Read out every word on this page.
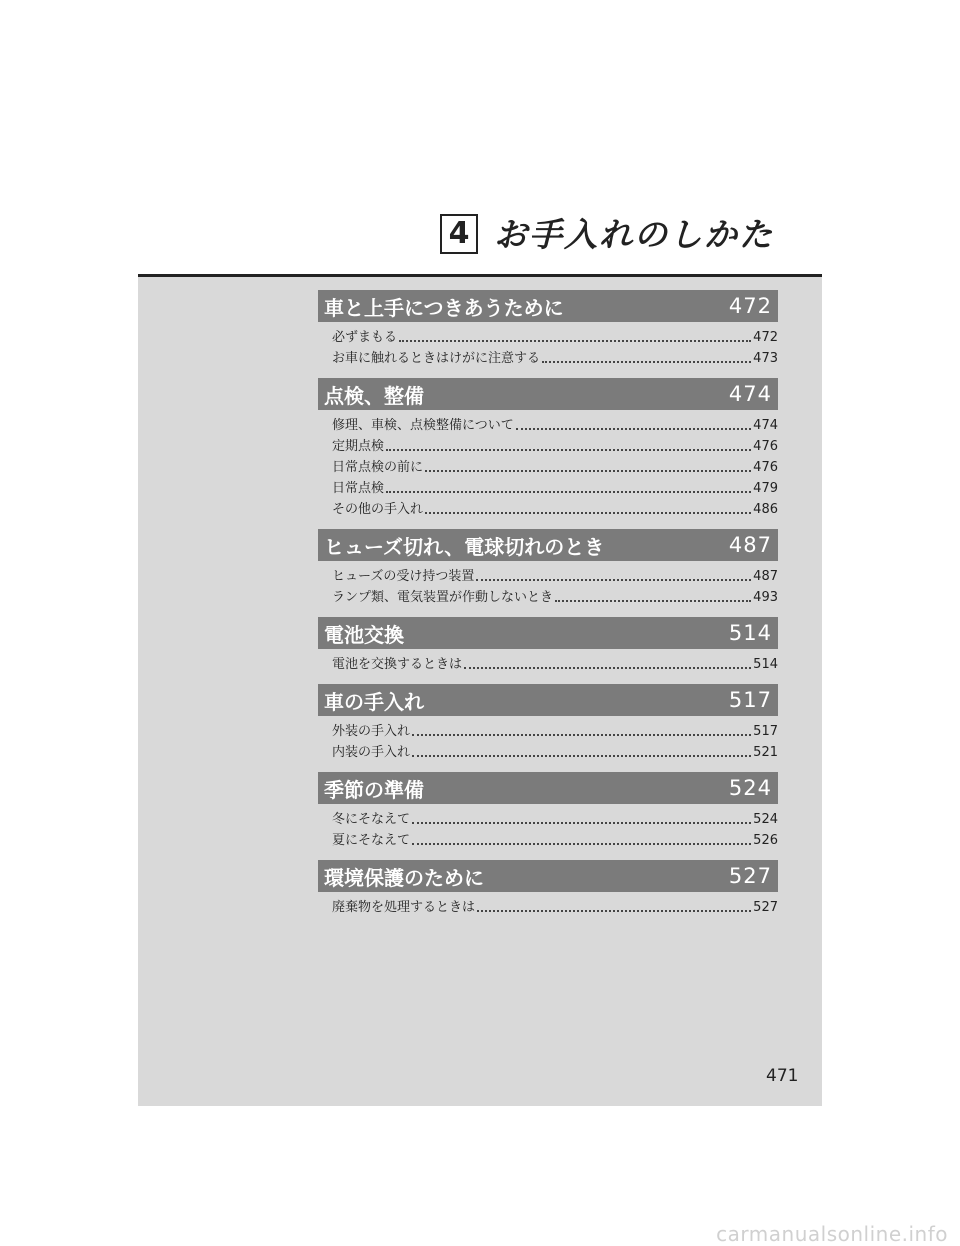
4 お手入れのしかた
車と上手につきあうために	472
必ずまもる	472
お車に触れるときはけがに注意する	473
点検、整備	474
修理、車検、点検整備について	474
定期点検	476
日常点検の前に	476
日常点検	479
その他の手入れ	486
ヒューズ切れ、電球切れのとき	487
ヒューズの受け持つ装置	487
ランプ類、電気装置が作動しないとき	493
電池交換	514
電池を交換するときは	514
車の手入れ	517
外装の手入れ	517
内装の手入れ	521
季節の準備	524
冬にそなえて	524
夏にそなえて	526
環境保護のために	527
廃棄物を処理するときは	527
471
carmanualsonline.info
